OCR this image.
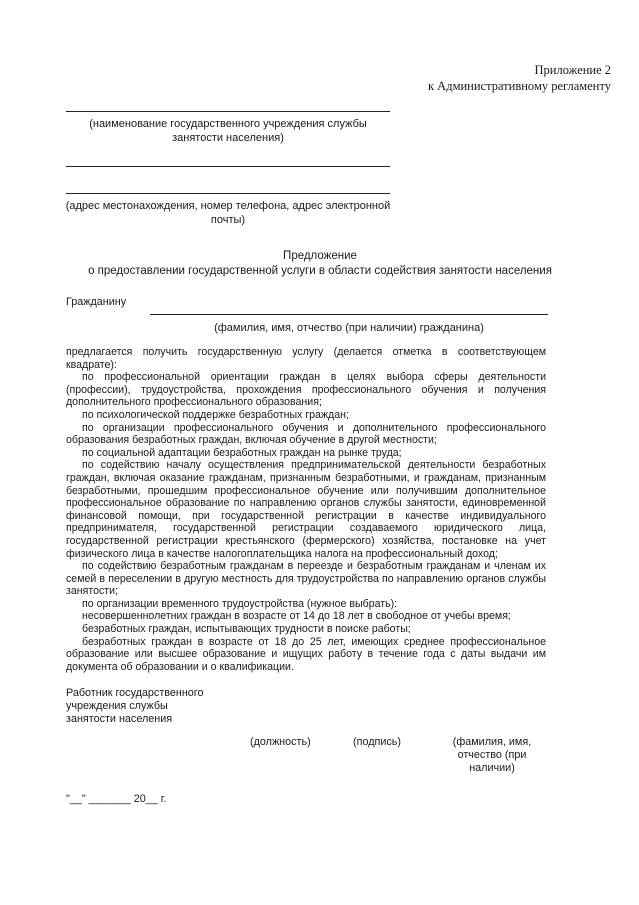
Приложение 2
к Административному регламенту
(наименование государственного учреждения службы занятости населения)
(адрес местонахождения, номер телефона, адрес электронной почты)
Предложение
о предоставлении государственной услуги в области содействия занятости населения
Гражданину
(фамилия, имя, отчество (при наличии) гражданина)

предлагается получить государственную услугу (делается отметка в соответствующем квадрате):

по профессиональной ориентации граждан в целях выбора сферы деятельности (профессии), трудоустройства, прохождения профессионального обучения и получения дополнительного профессионального образования;

по психологической поддержке безработных граждан;

по организации профессионального обучения и дополнительного профессионального образования безработных граждан, включая обучение в другой местности;

по социальной адаптации безработных граждан на рынке труда;

по содействию началу осуществления предпринимательской деятельности безработных граждан, включая оказание гражданам, признанным безработными, и гражданам, признанным безработными, прошедшим профессиональное обучение или получившим дополнительное профессиональное образование по направлению органов службы занятости, единовременной финансовой помощи, при государственной регистрации в качестве индивидуального предпринимателя, государственной регистрации создаваемого юридического лица, государственной регистрации крестьянского (фермерского) хозяйства, постановке на учет физического лица в качестве налогоплательщика налога на профессиональный доход;

по содействию безработным гражданам в переезде и безработным гражданам и членам их семей в переселении в другую местность для трудоустройства по направлению органов службы занятости;

по организации временного трудоустройства (нужное выбрать):

несовершеннолетних граждан в возрасте от 14 до 18 лет в свободное от учебы время;

безработных граждан, испытывающих трудности в поиске работы;

безработных граждан в возрасте от 18 до 25 лет, имеющих среднее профессиональное образование или высшее образование и ищущих работу в течение года с даты выдачи им документа об образовании и о квалификации.

Работник государственного
учреждения службы
занятости населения
(должность)	(подпись)	(фамилия, имя,
отчество (при
наличии)
"__" _______ 20__ г.
